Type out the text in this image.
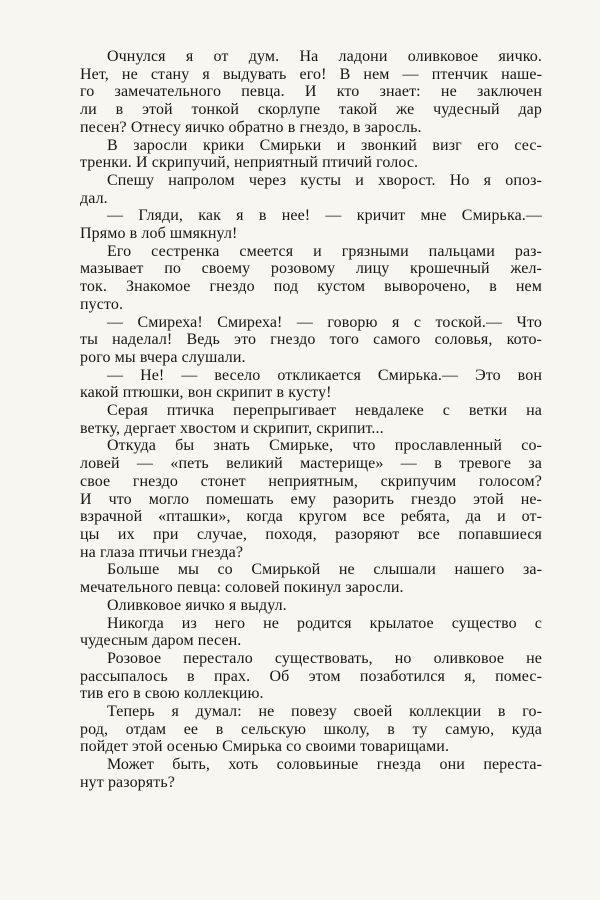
Очнулся я от дум. На ладони оливковое яичко.
Нет, не стану я выдувать его! В нем — птенчик наше-
го замечательного певца. И кто знает: не заключен
ли в этой тонкой скорлупе такой же чудесный дар
песен? Отнесу яичко обратно в гнездо, в заросль.

В заросли крики Смирьки и звонкий визг его сес-
тренки. И скрипучий, неприятный птичий голос.

Спешу напролом через кусты и хворост. Но я опоз-
дал.

— Гляди, как я в нее! — кричит мне Смирька.—
Прямо в лоб шмякнул!

Его сестренка смеется и грязными пальцами раз-
мазывает по своему розовому лицу крошечный жел-
ток. Знакомое гнездо под кустом выворочено, в нем
пусто.

— Смиреха! Смиреха! — говорю я с тоской.— Что
ты наделал! Ведь это гнездо того самого соловья, кото-
рого мы вчера слушали.

— Не! — весело откликается Смирька.— Это вон
какой птюшки, вон скрипит в кусту!

Серая птичка перепрыгивает невдалеке с ветки на
ветку, дергает хвостом и скрипит, скрипит...

Откуда бы знать Смирьке, что прославленный со-
ловей — «петь великий мастерище» — в тревоге за
свое гнездо стонет неприятным, скрипучим голосом?
И что могло помешать ему разорить гнездо этой не-
взрачной «пташки», когда кругом все ребята, да и от-
цы их при случае, походя, разоряют все попавшиеся
на глаза птичьи гнезда?

Больше мы со Смирькой не слышали нашего за-
мечательного певца: соловей покинул заросли.

Оливковое яичко я выдул.

Никогда из него не родится крылатое существо с
чудесным даром песен.

Розовое перестало существовать, но оливковое не
рассыпалось в прах. Об этом позаботился я, помес-
тив его в свою коллекцию.

Теперь я думал: не повезу своей коллекции в го-
род, отдам ее в сельскую школу, в ту самую, куда
пойдет этой осенью Смирька со своими товарищами.

Может быть, хоть соловьиные гнезда они переста-
нут разорять?
